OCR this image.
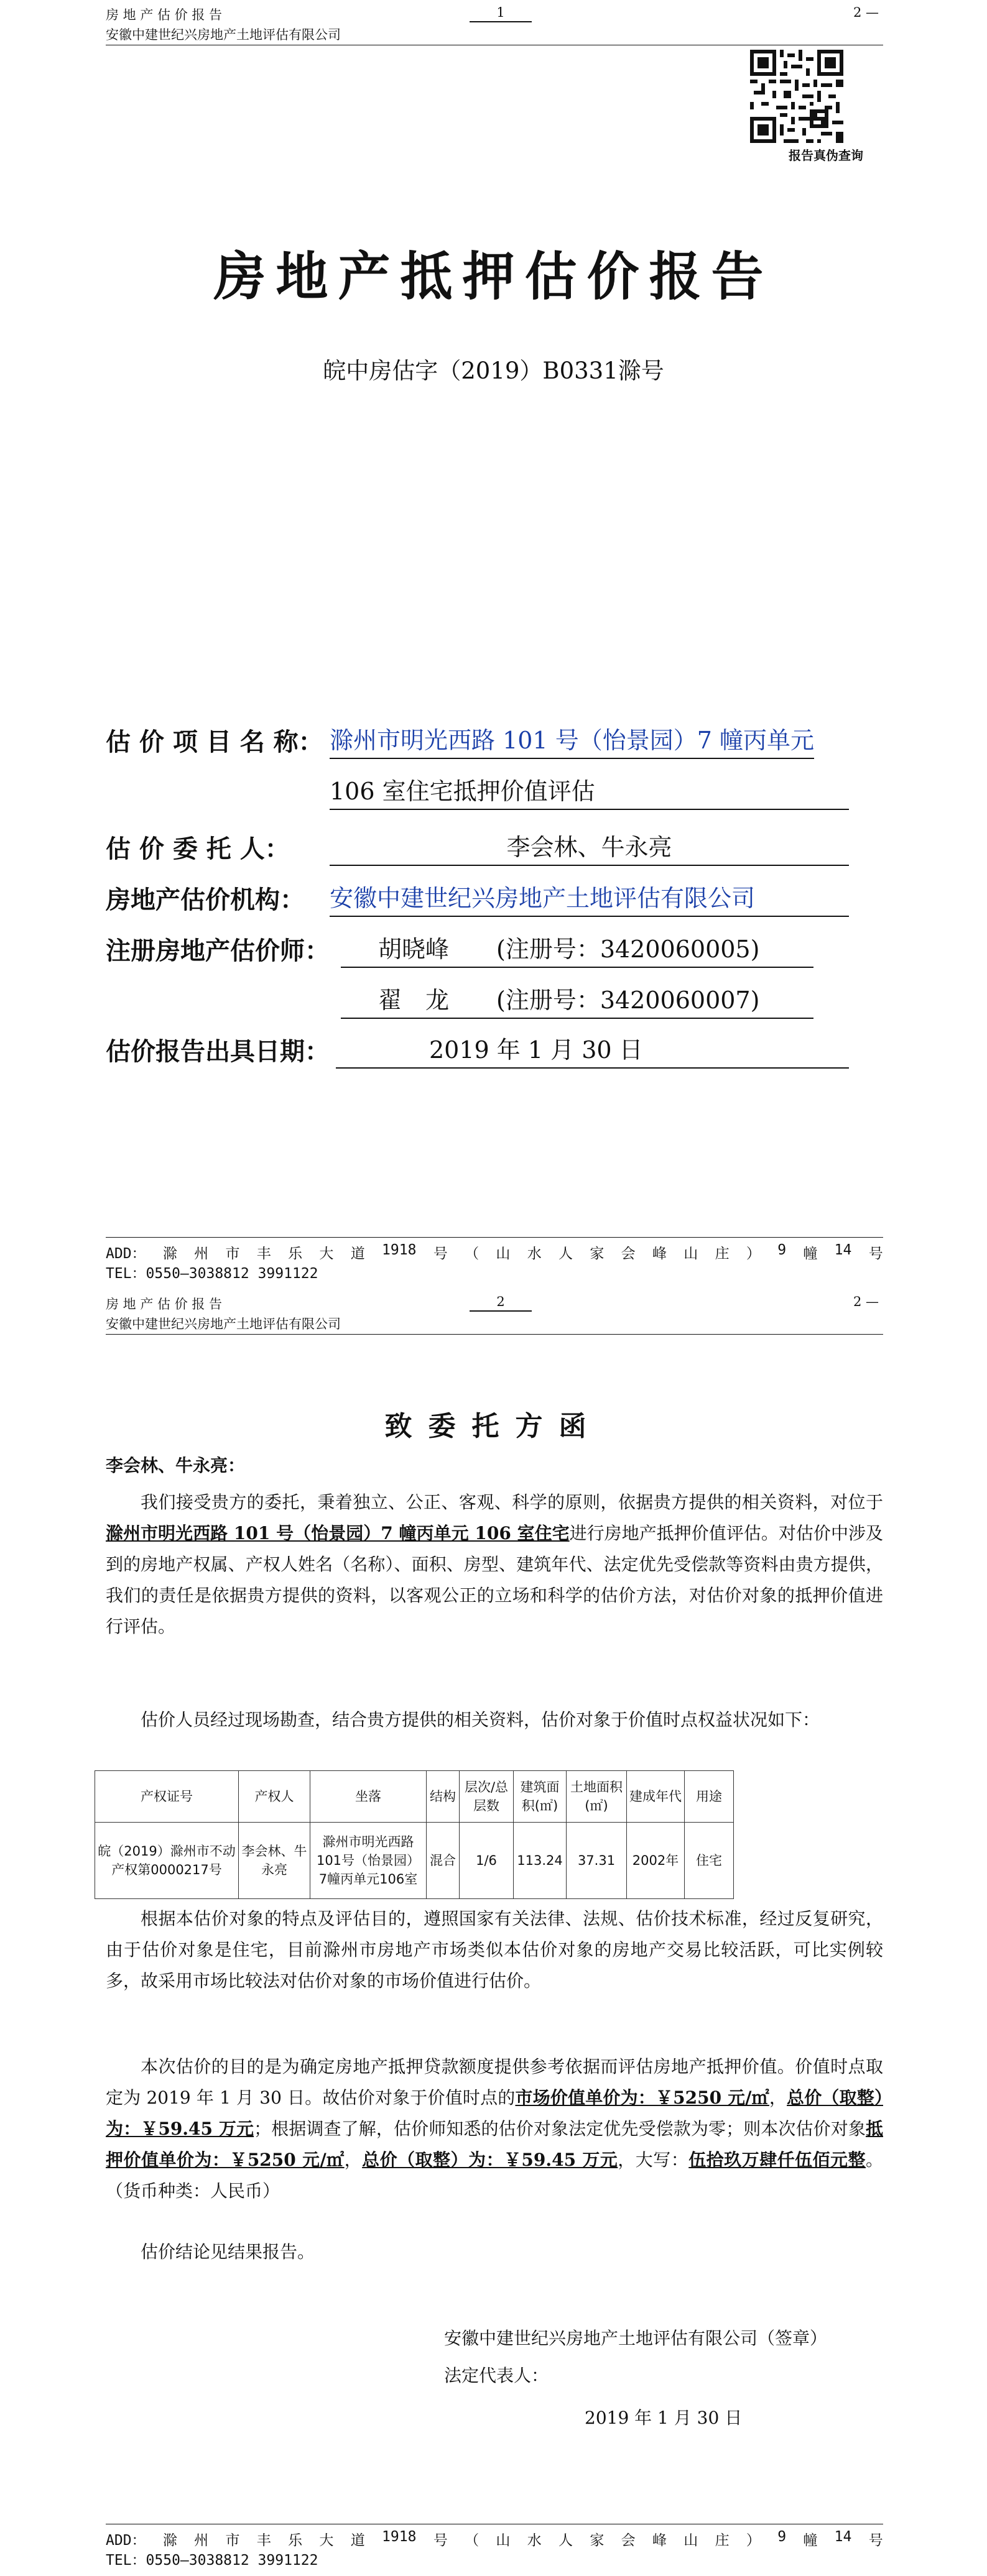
房 地 产 估 价 报 告	1	2 —
安徽中建世纪兴房地产土地评估有限公司
报告真伪查询
房地产抵押估价报告
皖中房估字（2019）B0331滁号
估 价 项 目 名 称： 滁州市明光西路 101 号（怡景园）7 幢丙单元
106 室住宅抵押价值评估
估 价 委 托 人：	李会林、牛永亮
房地产估价机构： 安徽中建世纪兴房地产土地评估有限公司
注册房地产估价师：	胡晓峰　　(注册号：3420060005)
翟　龙　　(注册号：3420060007)
估价报告出具日期：	2019 年 1 月 30 日
ADD： 滁 州 市 丰 乐 大 道 1918 号 （ 山 水 人 家 会 峰 山 庄 ） 9 幢 14 号
TEL：0550—3038812 3991122
房 地 产 估 价 报 告	2	2 —
安徽中建世纪兴房地产土地评估有限公司
致委托方函
李会林、牛永亮：
我们接受贵方的委托，秉着独立、公正、客观、科学的原则，依据贵方提供的相关资料，对位于滁州市明光西路 101 号（怡景园）7 幢丙单元 106 室住宅进行房地产抵押价值评估。对估价中涉及到的房地产权属、产权人姓名（名称）、面积、房型、建筑年代、法定优先受偿款等资料由贵方提供，我们的责任是依据贵方提供的资料，以客观公正的立场和科学的估价方法，对估价对象的抵押价值进行评估。
估价人员经过现场勘查，结合贵方提供的相关资料，估价对象于价值时点权益状况如下：
产权证号	产权人	坐落	结构	层次/总层数	建筑面积(㎡)	土地面积(㎡)	建成年代	用途
皖（2019）滁州市不动产权第0000217号	李会林、牛永亮	滁州市明光西路101号（怡景园）7幢丙单元106室	混合	1/6	113.24	37.31	2002年	住宅
根据本估价对象的特点及评估目的，遵照国家有关法律、法规、估价技术标准，经过反复研究，由于估价对象是住宅，目前滁州市房地产市场类似本估价对象的房地产交易比较活跃，可比实例较多，故采用市场比较法对估价对象的市场价值进行估价。
本次估价的目的是为确定房地产抵押贷款额度提供参考依据而评估房地产抵押价值。价值时点取定为 2019 年 1 月 30 日。故估价对象于价值时点的市场价值单价为：￥5250 元/㎡，总价（取整）为：￥59.45 万元；根据调查了解，估价师知悉的估价对象法定优先受偿款为零；则本次估价对象抵押价值单价为：￥5250 元/㎡，总价（取整）为：￥59.45 万元，大写：伍拾玖万肆仟伍佰元整。（货币种类：人民币）
估价结论见结果报告。
安徽中建世纪兴房地产土地评估有限公司（签章）
法定代表人：
2019 年 1 月 30 日
ADD： 滁 州 市 丰 乐 大 道 1918 号 （ 山 水 人 家 会 峰 山 庄 ） 9 幢 14 号
TEL：0550—3038812 3991122
